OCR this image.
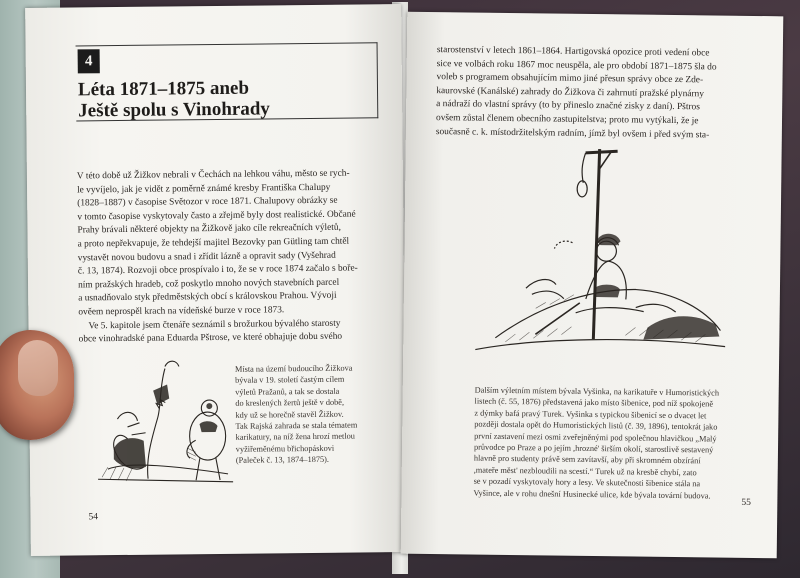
4
Léta 1871–1875 aneb
Ještě spolu s Vinohrady

V této době už Žižkov nebrali v Čechách na lehkou váhu, město se rych-
le vyvíjelo, jak je vidět z poměrně známé kresby Františka Chalupy
(1828–1887) v časopise Světozor v roce 1871. Chalupovy obrázky se
v tomto časopise vyskytovaly často a zřejmě byly dost realistické. Občané
Prahy brávali některé objekty na Žižkově jako cíle rekreačních výletů,
a proto nepřekvapuje, že tehdejší majitel Bezovky pan Gütling tam chtěl
vystavět novou budovu a snad i zřídit lázně a opravit sady (Vyšehrad
č. 13, 1874). Rozvoji obce prospívalo i to, že se v roce 1874 začalo s boře-
ním pražských hradeb, což poskytlo mnoho nových stavebních parcel
a usnadňovalo styk předměstských obcí s královskou Prahou. Vývoji
ověem neprospěl krach na vídeňské burze v roce 1873.

Ve 5. kapitole jsem čtenáře seznámil s brožurkou bývalého starosty
obce vinohradské pana Eduarda Pštrose, ve které obhajuje dobu svého

Místa na území budoucího Žižkova
bývala v 19. století častým cílem
výletů Pražanů, a tak se dostala
do kreslených žertů ještě v době,
kdy už se horečně stavěl Žižkov.
Tak Rajská zahrada se stala tématem
karikatury, na níž žena hrozí metlou
vyžiřeměnému břichopáskovi
(Paleček č. 13, 1874–1875).
54

starostenství v letech 1861–1864. Hartigovská opozice proti vedení obce
sice ve volbách roku 1867 moc neuspěla, ale pro období 1871–1875 šla do
voleb s programem obsahujícím mimo jiné přesun správy obce ze Zde-
kaurovské (Kanálské) zahrady do Žižkova či zahrnutí pražské plynárny
a nádraží do vlastní správy (to by přineslo značné zisky z daní). Pštros
ovšem zůstal členem obecního zastupitelstva; proto mu vytýkali, že je
současně c. k. místodržitelským radním, jímž byl ovšem i před svým sta-

Dalším výletním místem bývala Vyšinka, na karikatuře v Humoristických
listech (č. 55, 1876) představená jako místo šibenice, pod níž spokojeně
z dýmky bafá pravý Turek. Vyšinka s typickou šibenicí se o dvacet let
později dostala opět do Humoristických listů (č. 39, 1896), tentokrát jako
první zastavení mezi osmi zveřejněnými pod společnou hlavičkou „Malý
průvodce po Praze a po jejím ,hrozné' širším okolí, starostlivě sestavený
hlavně pro studenty právě sem zavítavší, aby při skromném obzírání
,mateře měst' nezbloudili na scestí.“ Turek už na kresbě chybí, zato
se v pozadí vyskytovaly hory a lesy. Ve skutečnosti šibenice stála na
Vyšince, ale v rohu dnešní Husinecké ulice, kde bývala tovární budova.
55
